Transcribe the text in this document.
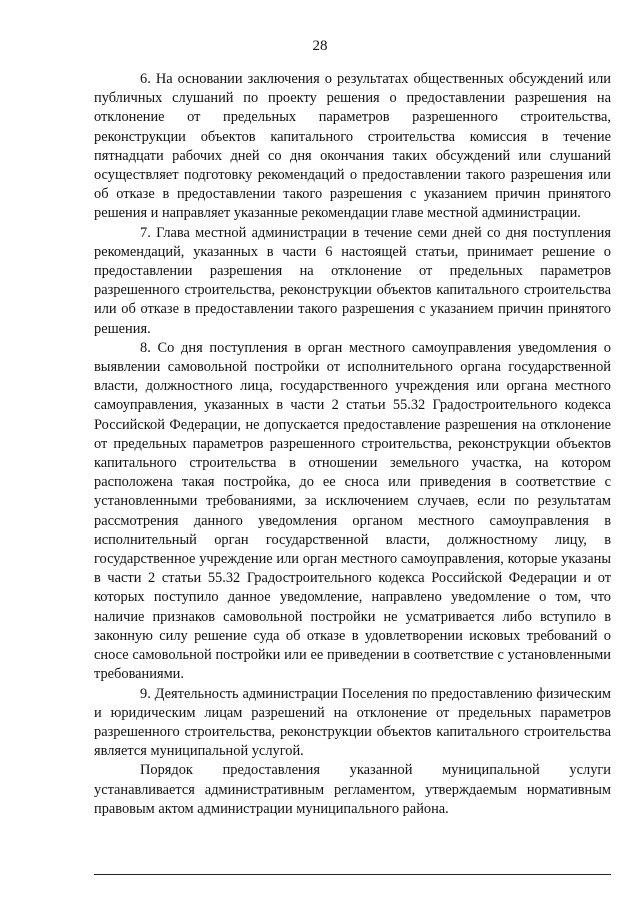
28

6. На основании заключения о результатах общественных обсуждений или публичных слушаний по проекту решения о предоставлении разрешения на отклонение от предельных параметров разрешенного строительства, реконструкции объектов капитального строительства комиссия в течение пятнадцати рабочих дней со дня окончания таких обсуждений или слушаний осуществляет подготовку рекомендаций о предоставлении такого разрешения или об отказе в предоставлении такого разрешения с указанием причин принятого решения и направляет указанные рекомендации главе местной администрации.

7. Глава местной администрации в течение семи дней со дня поступления рекомендаций, указанных в части 6 настоящей статьи, принимает решение о предоставлении разрешения на отклонение от предельных параметров разрешенного строительства, реконструкции объектов капитального строительства или об отказе в предоставлении такого разрешения с указанием причин принятого решения.

8. Со дня поступления в орган местного самоуправления уведомления о выявлении самовольной постройки от исполнительного органа государственной власти, должностного лица, государственного учреждения или органа местного самоуправления, указанных в части 2 статьи 55.32 Градостроительного кодекса Российской Федерации, не допускается предоставление разрешения на отклонение от предельных параметров разрешенного строительства, реконструкции объектов капитального строительства в отношении земельного участка, на котором расположена такая постройка, до ее сноса или приведения в соответствие с установленными требованиями, за исключением случаев, если по результатам рассмотрения данного уведомления органом местного самоуправления в исполнительный орган государственной власти, должностному лицу, в государственное учреждение или орган местного самоуправления, которые указаны в части 2 статьи 55.32 Градостроительного кодекса Российской Федерации и от которых поступило данное уведомление, направлено уведомление о том, что наличие признаков самовольной постройки не усматривается либо вступило в законную силу решение суда об отказе в удовлетворении исковых требований о сносе самовольной постройки или ее приведении в соответствие с установленными требованиями.

9. Деятельность администрации Поселения по предоставлению физическим и юридическим лицам разрешений на отклонение от предельных параметров разрешенного строительства, реконструкции объектов капитального строительства является муниципальной услугой.

Порядок предоставления указанной муниципальной услуги устанавливается административным регламентом, утверждаемым нормативным правовым актом администрации муниципального района.
